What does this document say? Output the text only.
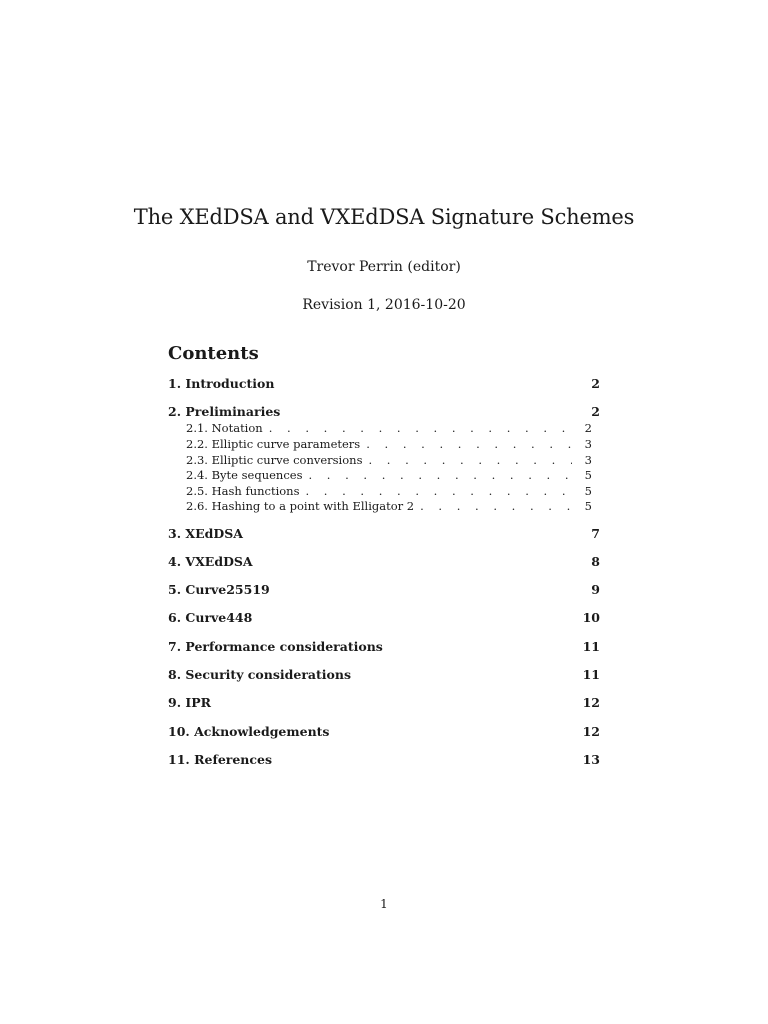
The XEdDSA and VXEdDSA Signature Schemes
Trevor Perrin (editor)
Revision 1, 2016-10-20
Contents
1. Introduction	2
2. Preliminaries	2
2.1. Notation . . .	2
2.2. Elliptic curve parameters . . .	3
2.3. Elliptic curve conversions . . .	3
2.4. Byte sequences . . .	5
2.5. Hash functions . . .	5
2.6. Hashing to a point with Elligator 2 . . .	5
3. XEdDSA	7
4. VXEdDSA	8
5. Curve25519	9
6. Curve448	10
7. Performance considerations	11
8. Security considerations	11
9. IPR	12
10. Acknowledgements	12
11. References	13
1
